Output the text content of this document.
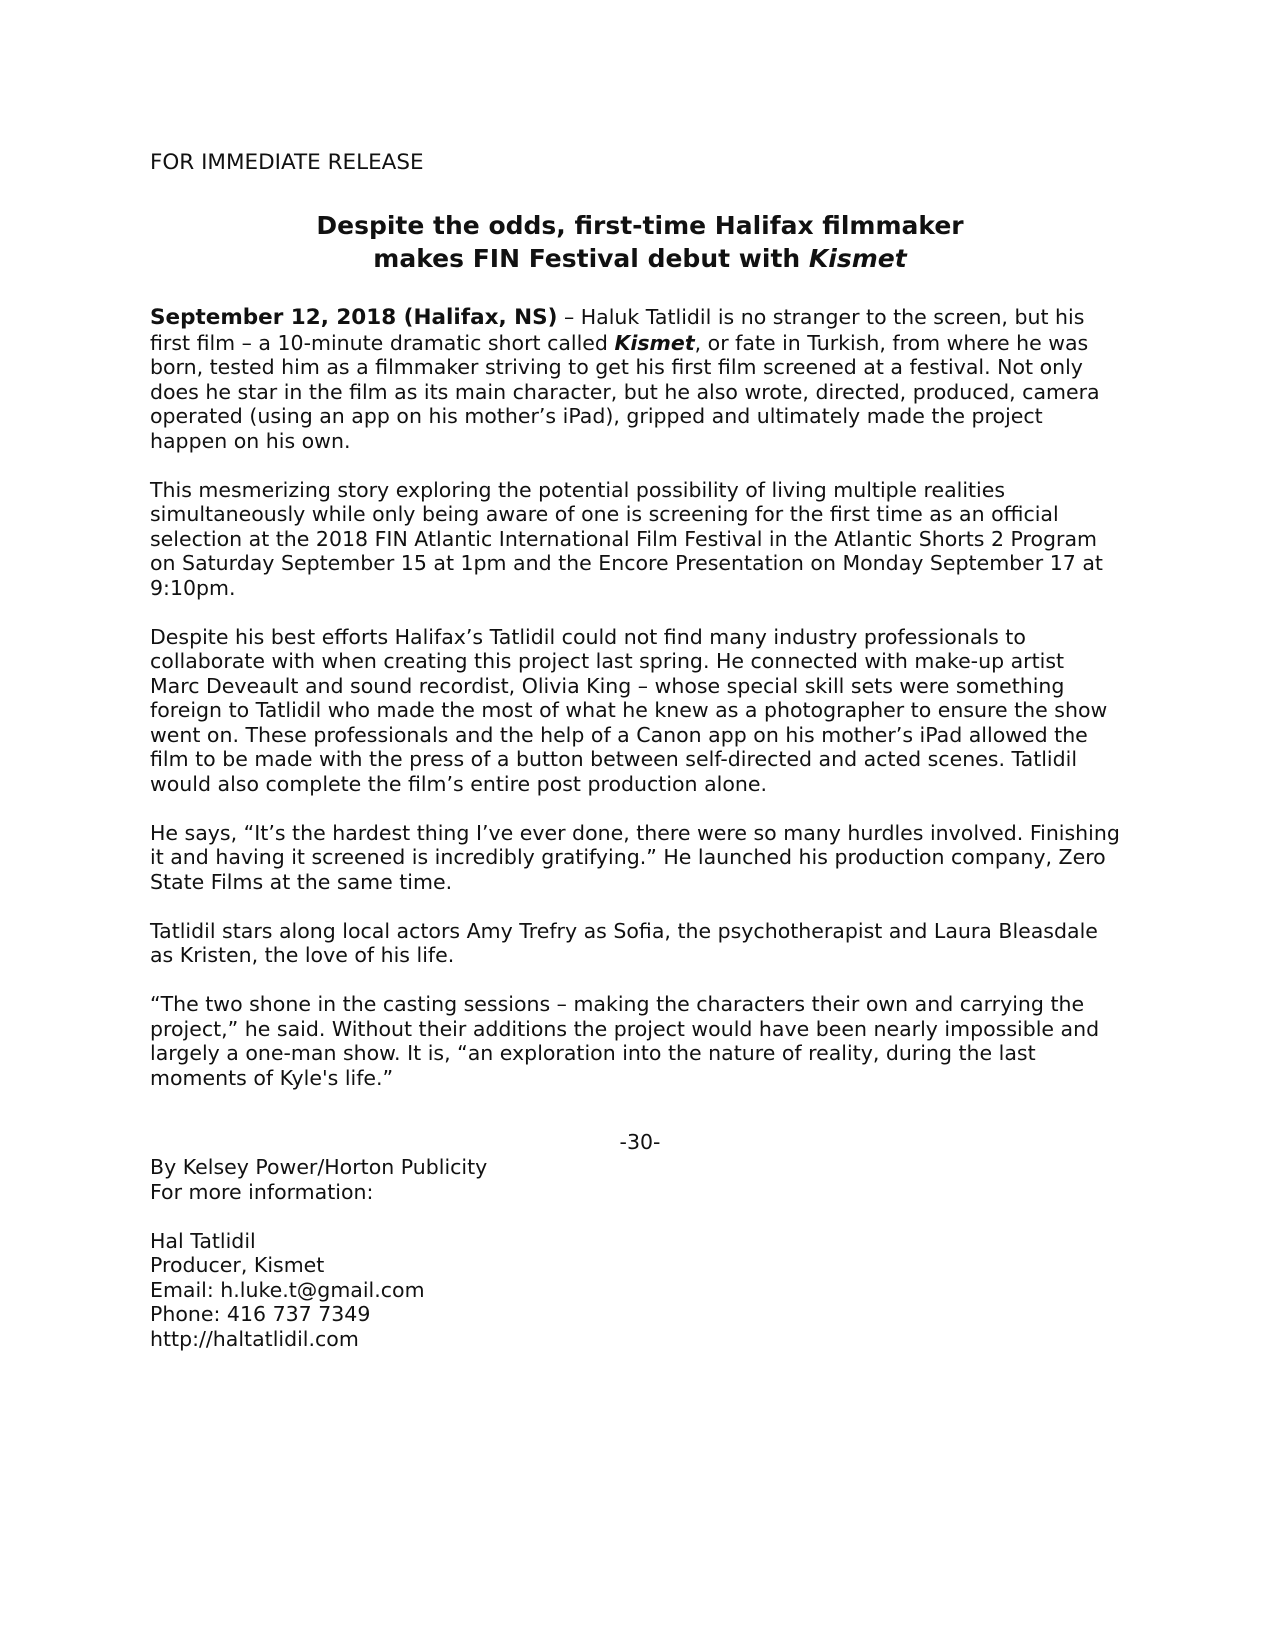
FOR IMMEDIATE RELEASE
Despite the odds, first-time Halifax filmmaker
makes FIN Festival debut with Kismet

September 12, 2018 (Halifax, NS) – Haluk Tatlidil is no stranger to the screen, but his
first film – a 10-minute dramatic short called Kismet, or fate in Turkish, from where he was
born, tested him as a filmmaker striving to get his first film screened at a festival. Not only
does he star in the film as its main character, but he also wrote, directed, produced, camera
operated (using an app on his mother’s iPad), gripped and ultimately made the project
happen on his own.

This mesmerizing story exploring the potential possibility of living multiple realities
simultaneously while only being aware of one is screening for the first time as an official
selection at the 2018 FIN Atlantic International Film Festival in the Atlantic Shorts 2 Program
on Saturday September 15 at 1pm and the Encore Presentation on Monday September 17 at
9:10pm.

Despite his best efforts Halifax’s Tatlidil could not find many industry professionals to
collaborate with when creating this project last spring. He connected with make-up artist
Marc Deveault and sound recordist, Olivia King – whose special skill sets were something
foreign to Tatlidil who made the most of what he knew as a photographer to ensure the show
went on. These professionals and the help of a Canon app on his mother’s iPad allowed the
film to be made with the press of a button between self-directed and acted scenes. Tatlidil
would also complete the film’s entire post production alone.

He says, “It’s the hardest thing I’ve ever done, there were so many hurdles involved. Finishing
it and having it screened is incredibly gratifying.” He launched his production company, Zero
State Films at the same time.

Tatlidil stars along local actors Amy Trefry as Sofia, the psychotherapist and Laura Bleasdale
as Kristen, the love of his life.

“The two shone in the casting sessions – making the characters their own and carrying the
project,” he said. Without their additions the project would have been nearly impossible and
largely a one-man show. It is, “an exploration into the nature of reality, during the last
moments of Kyle's life.”

-30-
By Kelsey Power/Horton Publicity
For more information:
Hal Tatlidil
Producer, Kismet
Email: h.luke.t@gmail.com
Phone: 416 737 7349
http://haltatlidil.com
